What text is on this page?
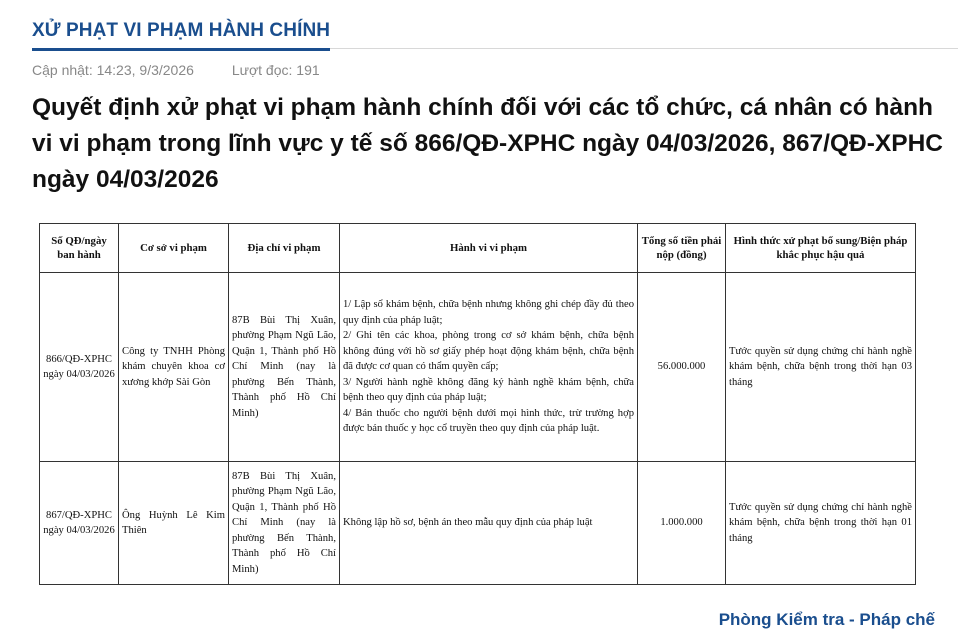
XỬ PHẠT VI PHẠM HÀNH CHÍNH
Cập nhật: 14:23, 9/3/2026	Lượt đọc: 191
Quyết định xử phạt vi phạm hành chính đối với các tổ chức, cá nhân có hành vi vi phạm trong lĩnh vực y tế số 866/QĐ-XPHC ngày 04/03/2026, 867/QĐ-XPHC ngày 04/03/2026
Số QĐ/ngày ban hành	Cơ sở vi phạm	Địa chỉ vi phạm	Hành vi vi phạm	Tổng số tiền phải nộp (đồng)	Hình thức xử phạt bổ sung/Biện pháp khắc phục hậu quả
866/QĐ-XPHC ngày 04/03/2026	Công ty TNHH Phòng khám chuyên khoa cơ xương khớp Sài Gòn	87B Bùi Thị Xuân, phường Phạm Ngũ Lão, Quận 1, Thành phố Hồ Chí Minh (nay là phường Bến Thành, Thành phố Hồ Chí Minh)	1/ Lập sổ khám bệnh, chữa bệnh nhưng không ghi chép đầy đủ theo quy định của pháp luật;
2/ Ghi tên các khoa, phòng trong cơ sở khám bệnh, chữa bệnh không đúng với hồ sơ giấy phép hoạt động khám bệnh, chữa bệnh đã được cơ quan có thẩm quyền cấp;
3/ Người hành nghề không đăng ký hành nghề khám bệnh, chữa bệnh theo quy định của pháp luật;
4/ Bán thuốc cho người bệnh dưới mọi hình thức, trừ trường hợp được bán thuốc y học cổ truyền theo quy định của pháp luật.	56.000.000	Tước quyền sử dụng chứng chỉ hành nghề khám bệnh, chữa bệnh trong thời hạn 03 tháng
867/QĐ-XPHC ngày 04/03/2026	Ông Huỳnh Lê Kim Thiên	87B Bùi Thị Xuân, phường Phạm Ngũ Lão, Quận 1, Thành phố Hồ Chí Minh (nay là phường Bến Thành, Thành phố Hồ Chí Minh)	Không lập hồ sơ, bệnh án theo mẫu quy định của pháp luật	1.000.000	Tước quyền sử dụng chứng chỉ hành nghề khám bệnh, chữa bệnh trong thời hạn 01 tháng
Phòng Kiểm tra - Pháp chế
